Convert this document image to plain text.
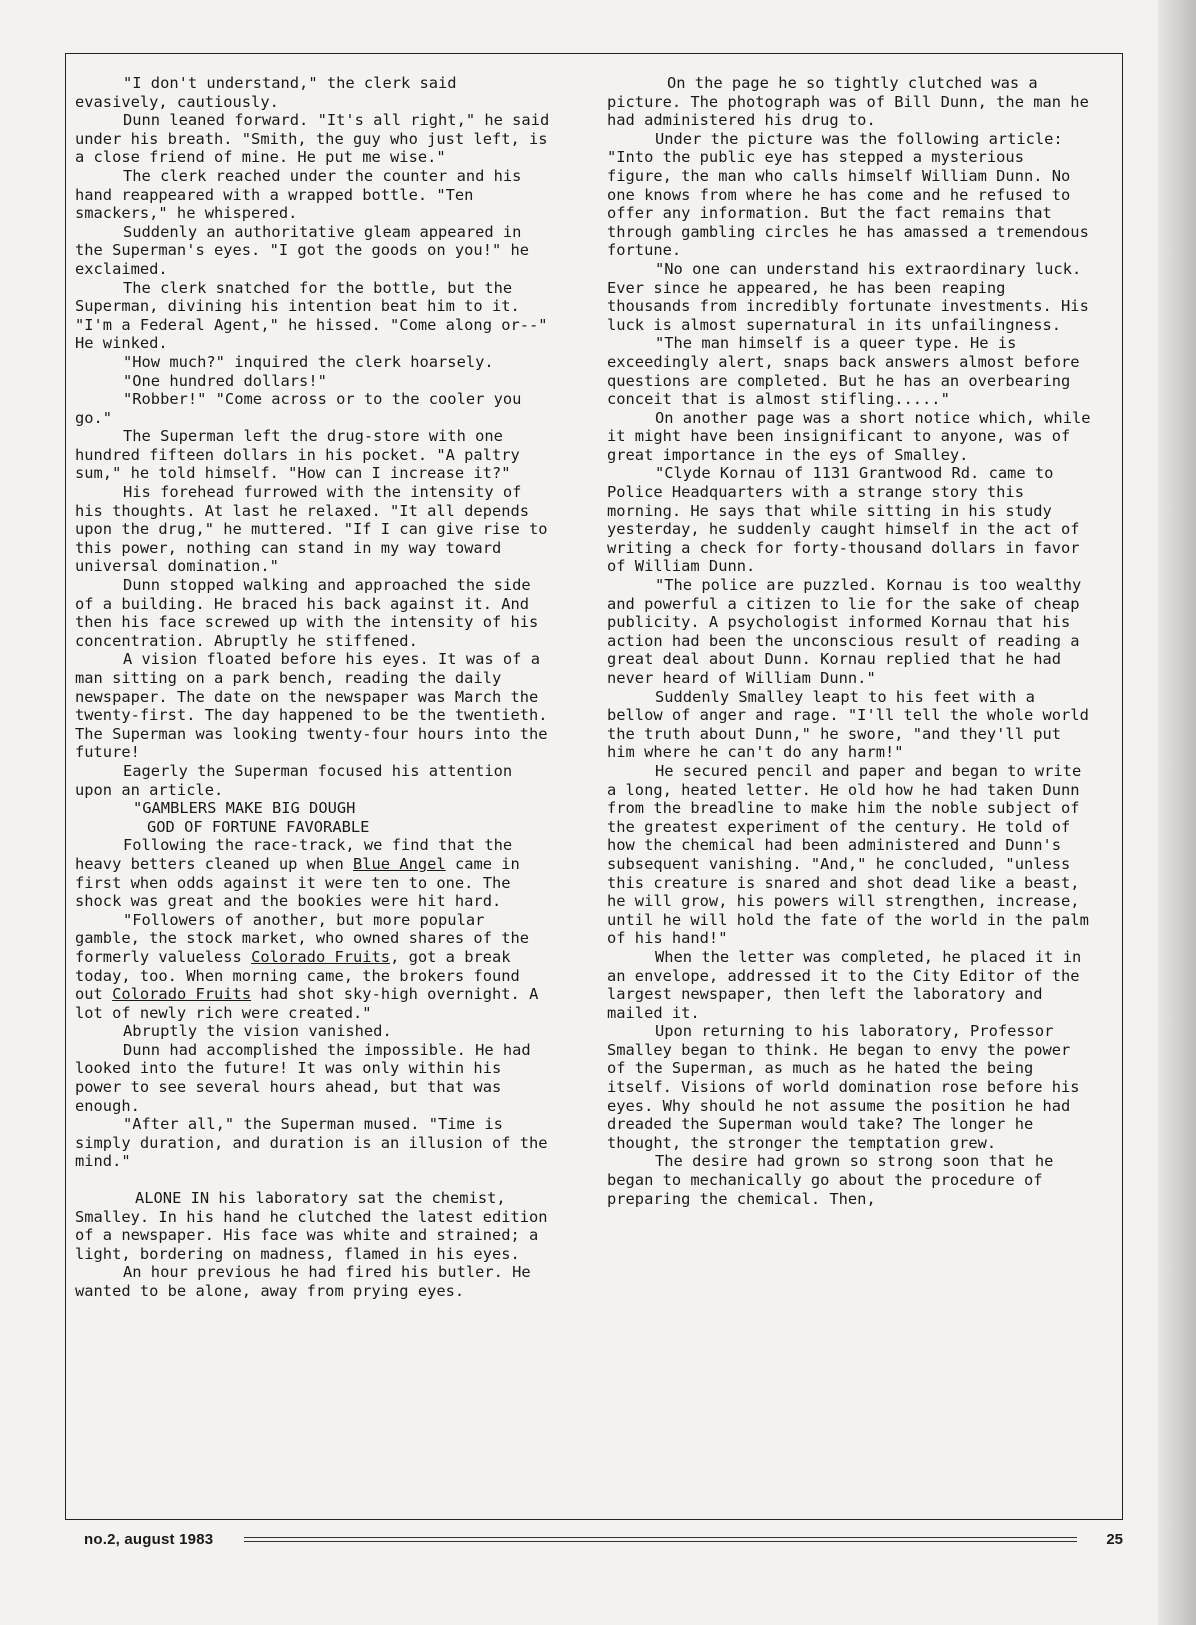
"I don't understand," the clerk said evasively, cautiously.

Dunn leaned forward. "It's all right," he said under his breath. "Smith, the guy who just left, is a close friend of mine. He put me wise."

The clerk reached under the counter and his hand reappeared with a wrapped bottle. "Ten smackers," he whispered.

Suddenly an authoritative gleam appeared in the Superman's eyes. "I got the goods on you!" he exclaimed.

The clerk snatched for the bottle, but the Superman, divining his intention beat him to it. "I'm a Federal Agent," he hissed. "Come along or--" He winked.

"How much?" inquired the clerk hoarsely.

"One hundred dollars!"

"Robber!" "Come across or to the cooler you go."

The Superman left the drug-store with one hundred fifteen dollars in his pocket. "A paltry sum," he told himself. "How can I increase it?"

His forehead furrowed with the intensity of his thoughts. At last he relaxed. "It all depends upon the drug," he muttered. "If I can give rise to this power, nothing can stand in my way toward universal domination."

Dunn stopped walking and approached the side of a building. He braced his back against it. And then his face screwed up with the intensity of his concentration. Abruptly he stiffened.

A vision floated before his eyes. It was of a man sitting on a park bench, reading the daily newspaper. The date on the newspaper was March the twenty-first. The day happened to be the twentieth. The Superman was looking twenty-four hours into the future!

Eagerly the Superman focused his attention upon an article.

"GAMBLERS MAKE BIG DOUGH

GOD OF FORTUNE FAVORABLE

Following the race-track, we find that the heavy betters cleaned up when Blue Angel came in first when odds against it were ten to one. The shock was great and the bookies were hit hard.

"Followers of another, but more popular gamble, the stock market, who owned shares of the formerly valueless Colorado Fruits, got a break today, too. When morning came, the brokers found out Colorado Fruits had shot sky-high overnight. A lot of newly rich were created."

Abruptly the vision vanished.

Dunn had accomplished the impossible. He had looked into the future! It was only within his power to see several hours ahead, but that was enough.

"After all," the Superman mused. "Time is simply duration, and duration is an illusion of the mind."

ALONE IN his laboratory sat the chemist, Smalley. In his hand he clutched the latest edition of a newspaper. His face was white and strained; a light, bordering on madness, flamed in his eyes.

An hour previous he had fired his butler. He wanted to be alone, away from prying eyes.

On the page he so tightly clutched was a picture. The photograph was of Bill Dunn, the man he had administered his drug to.

Under the picture was the following article: "Into the public eye has stepped a mysterious figure, the man who calls himself William Dunn. No one knows from where he has come and he refused to offer any information. But the fact remains that through gambling circles he has amassed a tremendous fortune.

"No one can understand his extraordinary luck. Ever since he appeared, he has been reaping thousands from incredibly fortunate investments. His luck is almost supernatural in its unfailingness.

"The man himself is a queer type. He is exceedingly alert, snaps back answers almost before questions are completed. But he has an overbearing conceit that is almost stifling....."

On another page was a short notice which, while it might have been insignificant to anyone, was of great importance in the eys of Smalley.

"Clyde Kornau of 1131 Grantwood Rd. came to Police Headquarters with a strange story this morning. He says that while sitting in his study yesterday, he suddenly caught himself in the act of writing a check for forty-thousand dollars in favor of William Dunn.

"The police are puzzled. Kornau is too wealthy and powerful a citizen to lie for the sake of cheap publicity. A psychologist informed Kornau that his action had been the unconscious result of reading a great deal about Dunn. Kornau replied that he had never heard of William Dunn."

Suddenly Smalley leapt to his feet with a bellow of anger and rage. "I'll tell the whole world the truth about Dunn," he swore, "and they'll put him where he can't do any harm!"

He secured pencil and paper and began to write a long, heated letter. He old how he had taken Dunn from the breadline to make him the noble subject of the greatest experiment of the century. He told of how the chemical had been administered and Dunn's subsequent vanishing. "And," he concluded, "unless this creature is snared and shot dead like a beast, he will grow, his powers will strengthen, increase, until he will hold the fate of the world in the palm of his hand!"

When the letter was completed, he placed it in an envelope, addressed it to the City Editor of the largest newspaper, then left the laboratory and mailed it.

Upon returning to his laboratory, Professor Smalley began to think. He began to envy the power of the Superman, as much as he hated the being itself. Visions of world domination rose before his eyes. Why should he not assume the position he had dreaded the Superman would take? The longer he thought, the stronger the temptation grew.

The desire had grown so strong soon that he began to mechanically go about the procedure of preparing the chemical. Then,

no.2, august 1983	25
